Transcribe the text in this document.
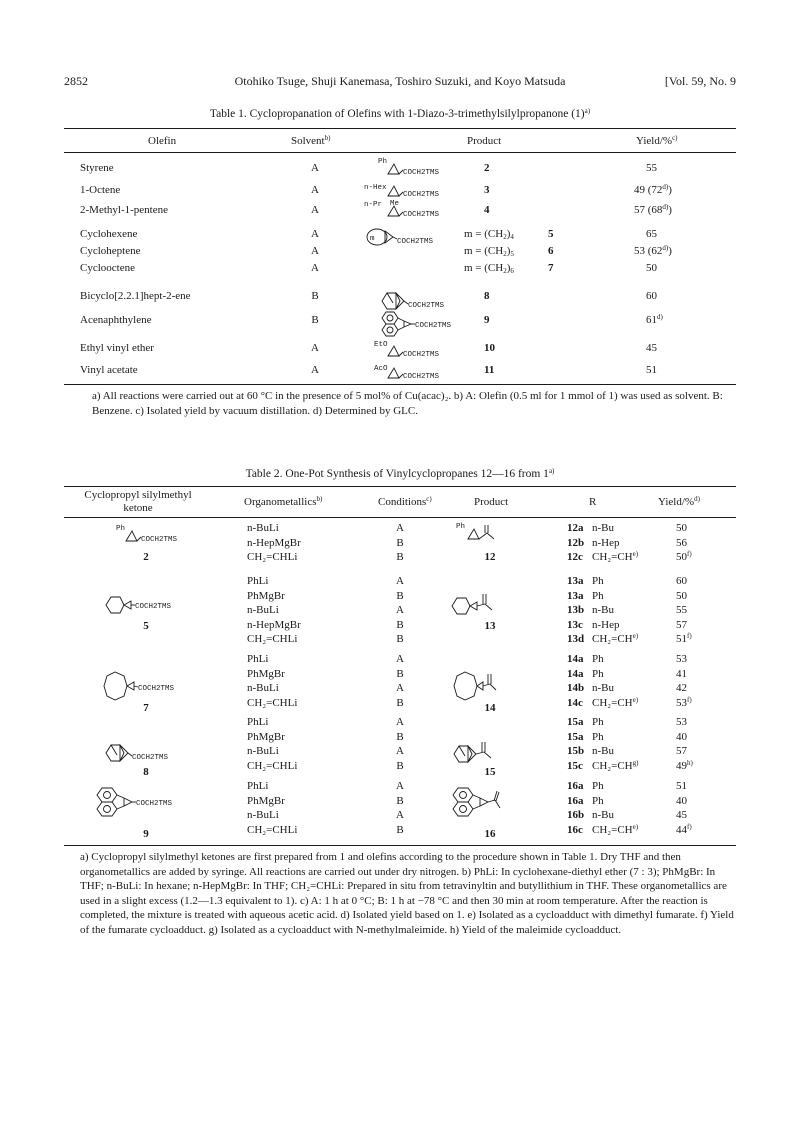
2852	Otohiko Tsuge, Shuji Kanemasa, Toshiro Suzuki, and Koyo Matsuda	[Vol. 59, No. 9
Table 1. Cyclopropanation of Olefins with 1-Diazo-3-trimethylsilylpropanone $(1)^{a)}$
Olefin	Solvent$^{b)}$	Product	Yield/%$^{c)}$
Styrene	A	2	55
1-Octene	A	3	49 (72$^{d)}$)
2-Methyl-1-pentene	A	4	57 (68$^{d)}$)
Cyclohexene	A	$m = (CH_2)_4$	5	65
Cycloheptene	A	$m = (CH_2)_5$	6	53 (62$^{d)}$)
Cyclooctene	A	$m = (CH_2)_6$	7	50
Bicyclo[2.2.1]hept-2-ene	B	8	60
Acenaphthylene	B	9	61$^{d)}$
Ethyl vinyl ether	A	10	45
Vinyl acetate	A	11	51
Ph
COCH2TMS
n-Hex
COCH2TMS
n-Pr Me
COCH2TMS
m	COCH2TMS
COCH2TMS
COCH2TMS
EtO
COCH2TMS
AcO
COCH2TMS
a) All reactions were carried out at 60 °C in the presence of 5 mol% of Cu(acac)₂. b) A: Olefin (0.5 ml for 1 mmol of 1) was used as solvent. B: Benzene. c) Isolated yield by vacuum distillation. d) Determined by GLC.
Table 2. One-Pot Synthesis of Vinylcyclopropanes 12—16 from 1$^{a)}$
Cyclopropyl silylmethyl
ketone	Organometallics$^{b)}$	Conditions$^{c)}$	Product	R	Yield/%$^{d)}$
2	12
n-BuLi	A	12a n-Bu	50
n-HepMgBr	B	12b n-Hep	56
CH₂=CHLi	B	12c $CH_2=CH^{e)}$	50$^{f)}$
5	13
PhLi	A	13a Ph	60
PhMgBr	B	13a Ph	50
n-BuLi	A	13b n-Bu	55
n-HepMgBr	B	13c n-Hep	57
CH₂=CHLi	B	13d $CH_2=CH^{e)}$	51$^{f)}$
7	14
PhLi	A	14a Ph	53
PhMgBr	B	14a Ph	41
n-BuLi	A	14b n-Bu	42
CH₂=CHLi	B	14c $CH_2=CH^{e)}$	53$^{f)}$
8	15
PhLi	A	15a Ph	53
PhMgBr	B	15a Ph	40
n-BuLi	A	15b n-Bu	57
CH₂=CHLi	B	15c $CH_2=CH^{g)}$	49$^{h)}$
9	16
PhLi	A	16a Ph	51
PhMgBr	B	16a Ph	40
n-BuLi	A	16b n-Bu	45
CH₂=CHLi	B	16c $CH_2=CH^{e)}$	44$^{f)}$
Ph
COCH2TMS
COCH2TMS
COCH2TMS
COCH2TMS
COCH2TMS
Ph
a) Cyclopropyl silylmethyl ketones are first prepared from 1 and olefins according to the procedure shown in Table 1. Dry THF and then organometallics are added by syringe. All reactions are carried out under dry nitrogen. b) PhLi: In cyclohexane-diethyl ether (7 : 3); PhMgBr: In THF; n-BuLi: In hexane; n-HepMgBr: In THF; CH₂=CHLi: Prepared in situ from tetravinyltin and butyllithium in THF. These organometallics are used in a slight excess (1.2—1.3 equivalent to 1). c) A: 1 h at 0 °C; B: 1 h at −78 °C and then 30 min at room temperature. After the reaction is completed, the mixture is treated with aqueous acetic acid. d) Isolated yield based on 1. e) Isolated as a cycloadduct with dimethyl fumarate. f) Yield of the fumarate cycloadduct. g) Isolated as a cycloadduct with N-methylmaleimide. h) Yield of the maleimide cycloadduct.
